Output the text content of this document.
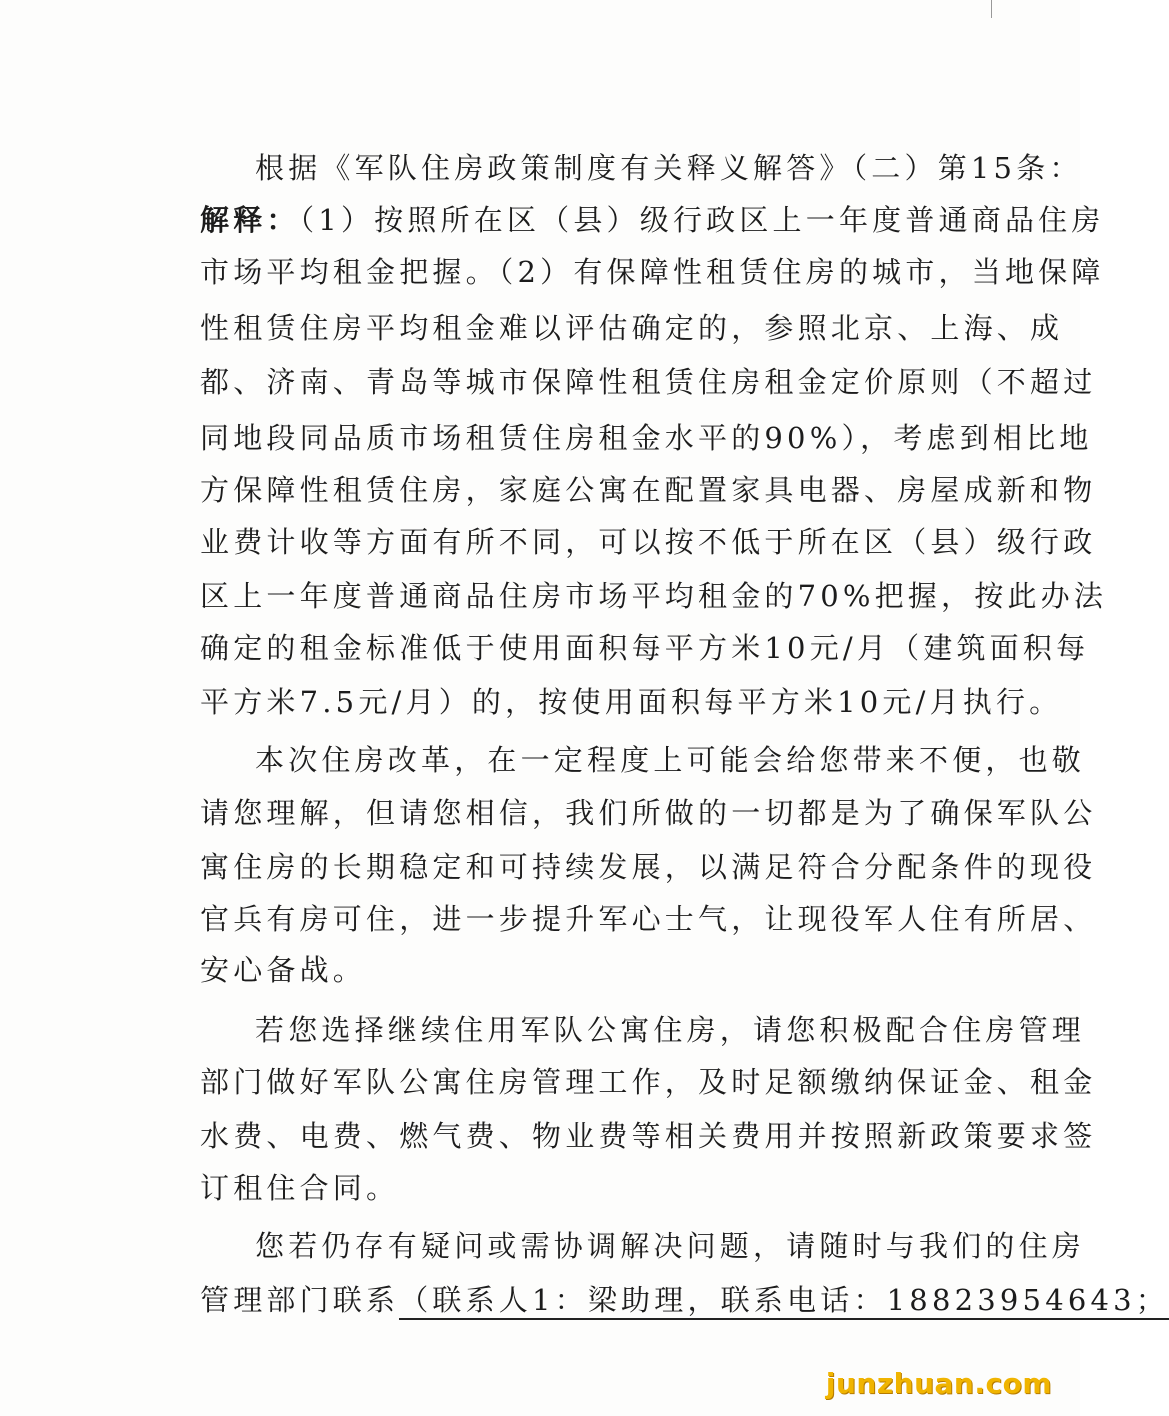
根据《军队住房政策制度有关释义解答》（二）第15条：
解释：（1）按照所在区（县）级行政区上一年度普通商品住房
市场平均租金把握。（2）有保障性租赁住房的城市，当地保障
性租赁住房平均租金难以评估确定的，参照北京、上海、成
都、济南、青岛等城市保障性租赁住房租金定价原则（不超过
同地段同品质市场租赁住房租金水平的90%），考虑到相比地
方保障性租赁住房，家庭公寓在配置家具电器、房屋成新和物
业费计收等方面有所不同，可以按不低于所在区（县）级行政
区上一年度普通商品住房市场平均租金的70%把握，按此办法
确定的租金标准低于使用面积每平方米10元/月（建筑面积每
平方米7.5元/月）的，按使用面积每平方米10元/月执行。
本次住房改革，在一定程度上可能会给您带来不便，也敬
请您理解，但请您相信，我们所做的一切都是为了确保军队公
寓住房的长期稳定和可持续发展，以满足符合分配条件的现役
官兵有房可住，进一步提升军心士气，让现役军人住有所居、
安心备战。
若您选择继续住用军队公寓住房，请您积极配合住房管理
部门做好军队公寓住房管理工作，及时足额缴纳保证金、租金
水费、电费、燃气费、物业费等相关费用并按照新政策要求签
订租住合同。
您若仍存有疑问或需协调解决问题，请随时与我们的住房
管理部门联系（联系人1：梁助理，联系电话：18823954643；
junzhuan.com
